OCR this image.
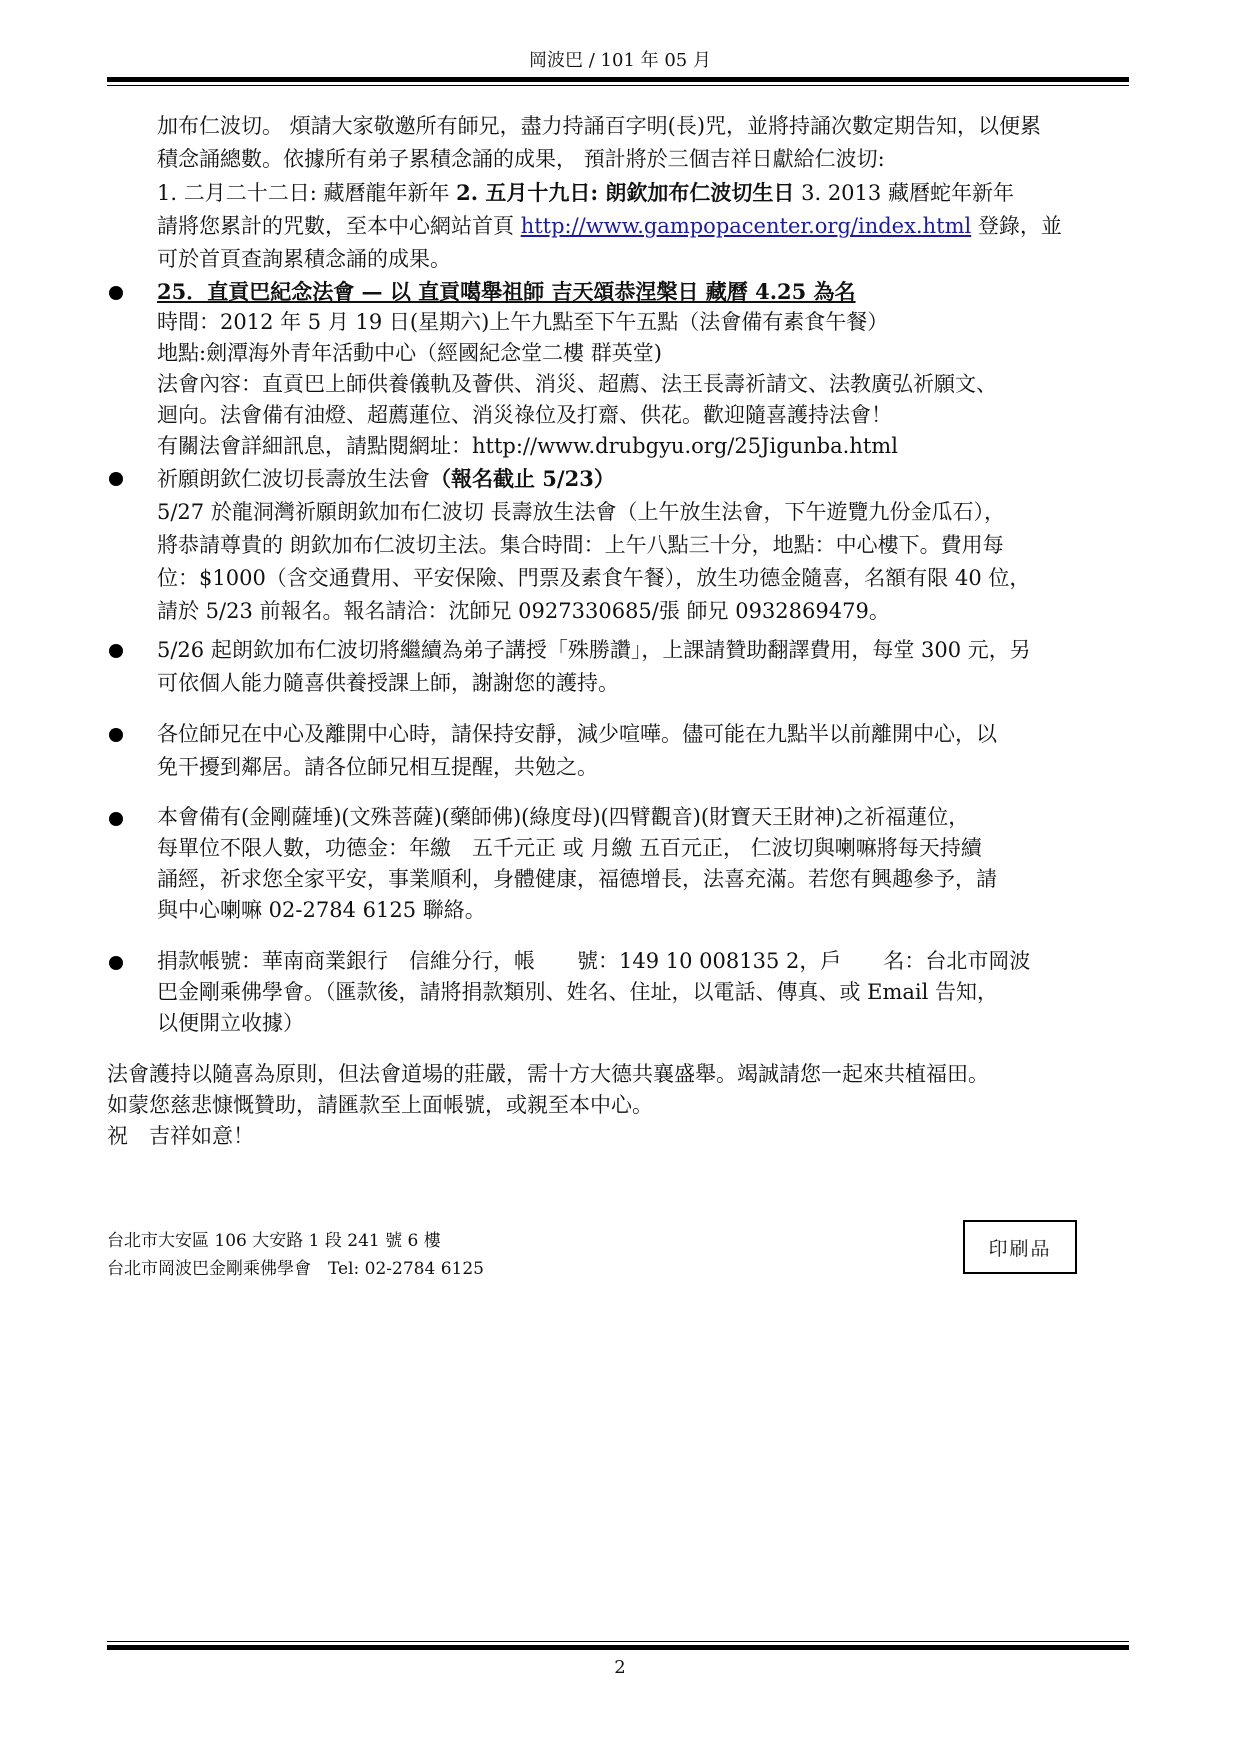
岡波巴 / 101 年 05 月
加布仁波切。 煩請大家敬邀所有師兄，盡力持誦百字明(長)咒，並將持誦次數定期告知，以便累
積念誦總數。依據所有弟子累積念誦的成果， 預計將於三個吉祥日獻給仁波切:
1. 二月二十二日: 藏曆龍年新年 2. 五月十九日: 朗欽加布仁波切生日 3. 2013 藏曆蛇年新年
請將您累計的咒數，至本中心網站首頁 http://www.gampopacenter.org/index.html 登錄，並
可於首頁查詢累積念誦的成果。
25．直貢巴紀念法會 — 以 直貢噶舉祖師 吉天頌恭涅槃日 藏曆 4.25 為名
時間：2012 年 5 月 19 日(星期六)上午九點至下午五點（法會備有素食午餐）
地點:劍潭海外青年活動中心（經國紀念堂二樓 群英堂)
法會內容：直貢巴上師供養儀軌及薈供、消災、超薦、法王長壽祈請文、法教廣弘祈願文、
迴向。法會備有油燈、超薦蓮位、消災祿位及打齋、供花。歡迎隨喜護持法會！
有關法會詳細訊息，請點閱網址：http://www.drubgyu.org/25Jigunba.html
祈願朗欽仁波切長壽放生法會（報名截止 5/23）
5/27 於龍洞灣祈願朗欽加布仁波切 長壽放生法會（上午放生法會，下午遊覽九份金瓜石），
將恭請尊貴的 朗欽加布仁波切主法。集合時間：上午八點三十分，地點：中心樓下。費用每
位：$1000（含交通費用、平安保險、門票及素食午餐），放生功德金隨喜，名額有限 40 位，
請於 5/23 前報名。報名請洽：沈師兄 0927330685/張 師兄 0932869479。
5/26 起朗欽加布仁波切將繼續為弟子講授「殊勝讚」，上課請贊助翻譯費用，每堂 300 元，另
可依個人能力隨喜供養授課上師，謝謝您的護持。
各位師兄在中心及離開中心時，請保持安靜，減少喧嘩。儘可能在九點半以前離開中心，以
免干擾到鄰居。請各位師兄相互提醒，共勉之。
本會備有(金剛薩埵)(文殊菩薩)(藥師佛)(綠度母)(四臂觀音)(財寶天王財神)之祈福蓮位，
每單位不限人數，功德金：年繳　五千元正 或 月繳 五百元正， 仁波切與喇嘛將每天持續
誦經，祈求您全家平安，事業順利，身體健康，福德增長，法喜充滿。若您有興趣參予，請
與中心喇嘛 02-2784 6125 聯絡。
捐款帳號：華南商業銀行　信維分行，帳　　號：149 10 008135 2，戶　　名：台北市岡波
巴金剛乘佛學會。（匯款後，請將捐款類別、姓名、住址，以電話、傳真、或 Email 告知，
以便開立收據）
法會護持以隨喜為原則，但法會道場的莊嚴，需十方大德共襄盛舉。竭誠請您一起來共植福田。
如蒙您慈悲慷慨贊助，請匯款至上面帳號，或親至本中心。
祝　吉祥如意！
台北市大安區 106 大安路 1 段 241 號 6 樓
台北市岡波巴金剛乘佛學會　Tel: 02-2784 6125
印刷品
2
